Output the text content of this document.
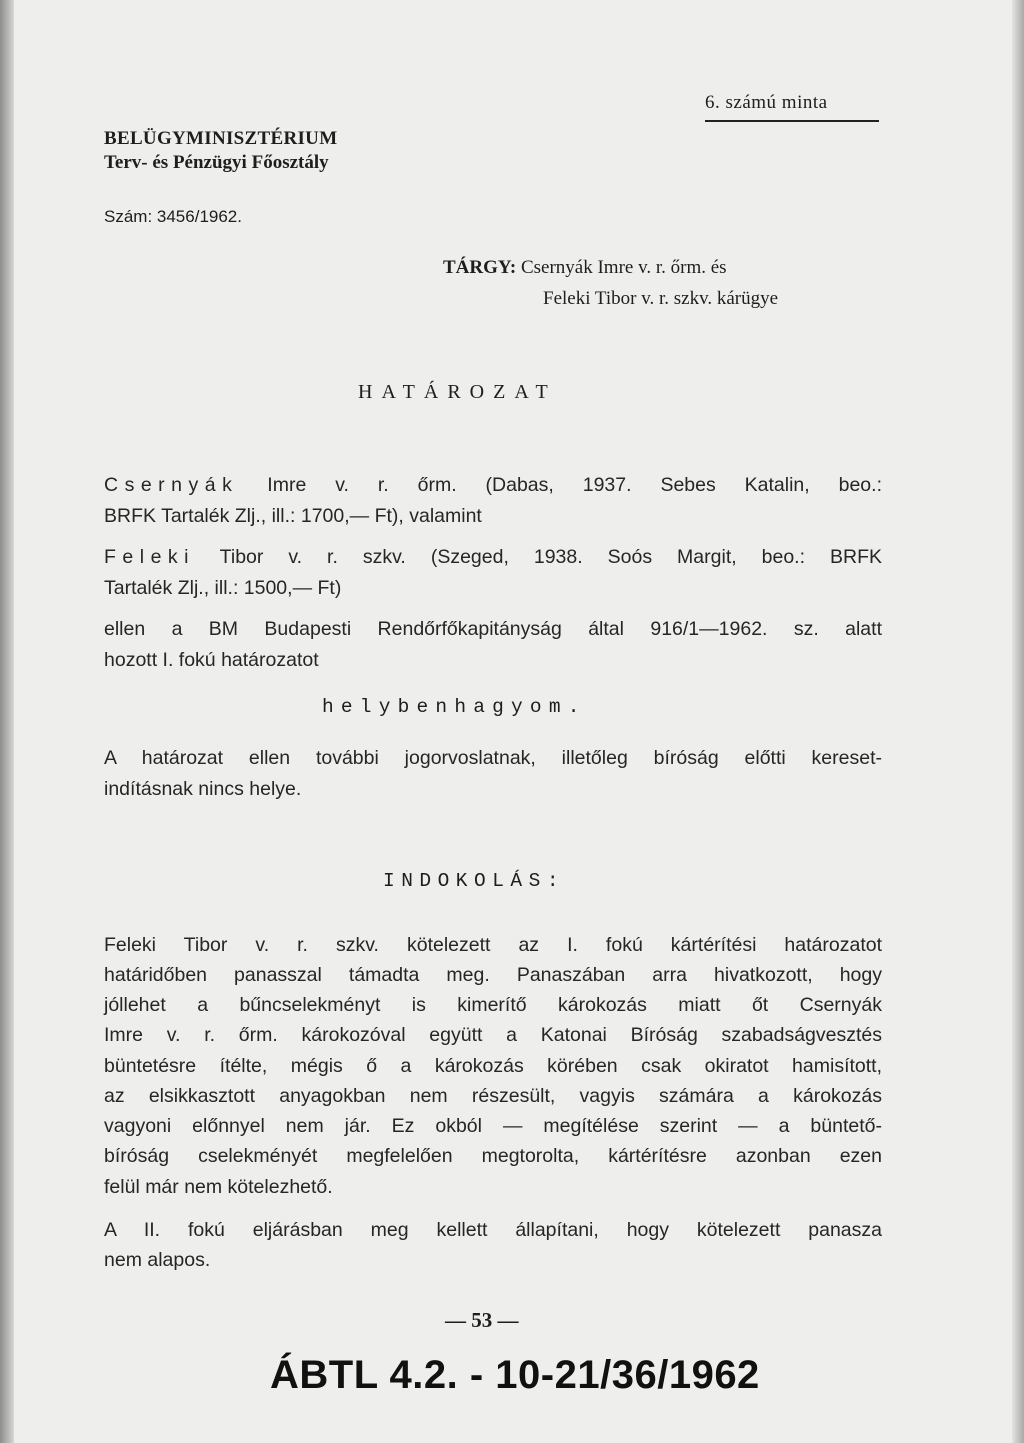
6. számú minta
BELÜGYMINISZTÉRIUM
Terv- és Pénzügyi Főosztály
Szám: 3456/1962.
TÁRGY: Csernyák Imre v. r. őrm. és
Feleki Tibor v. r. szkv. kárügye
HATÁROZAT
Csernyák Imre v. r. őrm. (Dabas, 1937. Sebes Katalin, beo.:
BRFK Tartalék Zlj., ill.: 1700,— Ft), valamint
Feleki Tibor v. r. szkv. (Szeged, 1938. Soós Margit, beo.: BRFK
Tartalék Zlj., ill.: 1500,— Ft)
ellen a BM Budapesti Rendőrfőkapitányság által 916/1—1962. sz. alatt
hozott I. fokú határozatot
helybenhagyom.
A határozat ellen további jogorvoslatnak, illetőleg bíróság előtti kereset-
indításnak nincs helye.
INDOKOLÁS:
Feleki Tibor v. r. szkv. kötelezett az I. fokú kártérítési határozatot
határidőben panasszal támadta meg. Panaszában arra hivatkozott, hogy
jóllehet a bűncselekményt is kimerítő károkozás miatt őt Csernyák
Imre v. r. őrm. károkozóval együtt a Katonai Bíróság szabadságvesztés
büntetésre ítélte, mégis ő a károkozás körében csak okiratot hamisított,
az elsikkasztott anyagokban nem részesült, vagyis számára a károkozás
vagyoni előnnyel nem jár. Ez okból — megítélése szerint — a büntető-
bíróság cselekményét megfelelően megtorolta, kártérítésre azonban ezen
felül már nem kötelezhető.
A II. fokú eljárásban meg kellett állapítani, hogy kötelezett panasza
nem alapos.
— 53 —
ÁBTL 4.2. - 10-21/36/1962
